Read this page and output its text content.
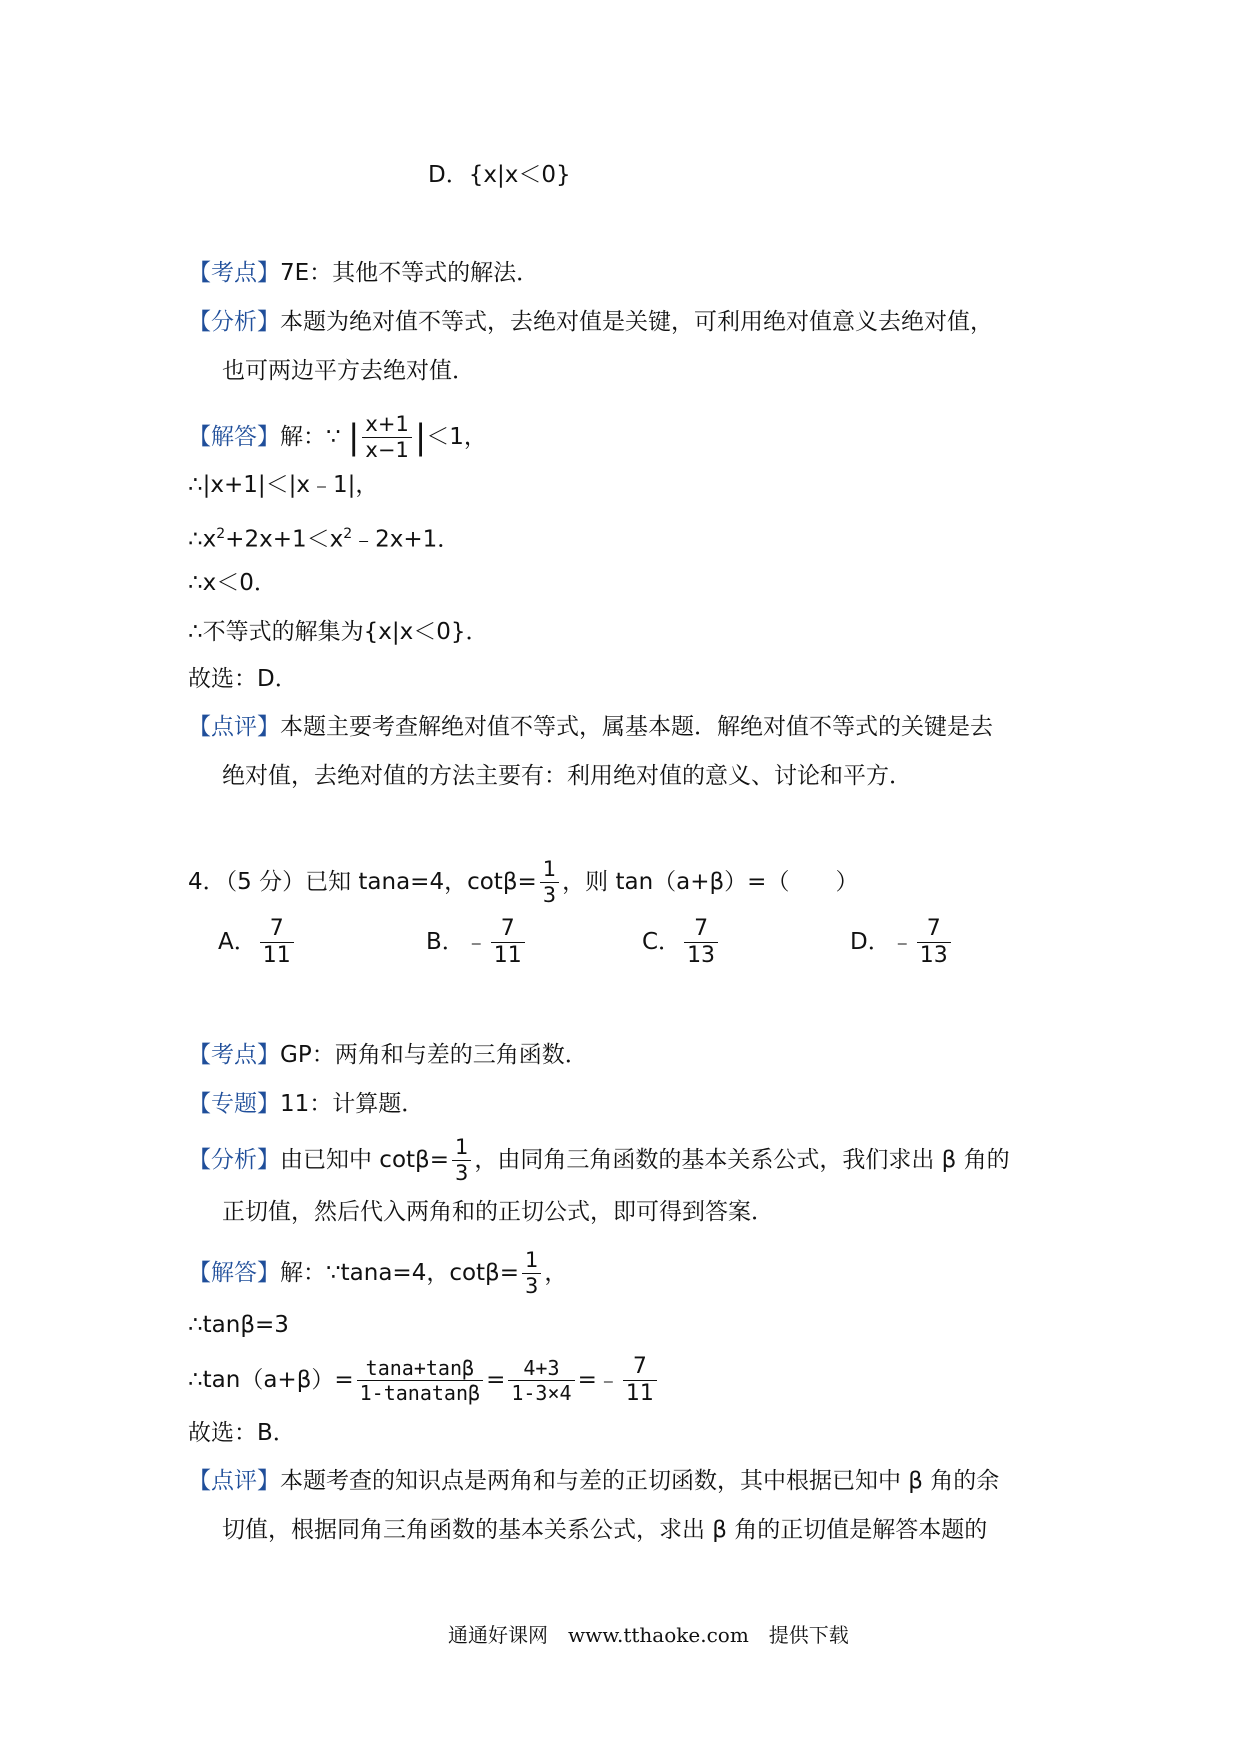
D．{x|x＜0}
【考点】7E：其他不等式的解法．
【分析】本题为绝对值不等式，去绝对值是关键，可利用绝对值意义去绝对值，
也可两边平方去绝对值．
【解答】解：∵ | $\frac{x+1}{x-1} |<1$，
∴|x+1|＜|x﹣1|，
$\therefore x^2+2x+1<x^2﹣2x+1$．
∴x＜0．
∴不等式的解集为{x|x＜0}．
故选：D．
【点评】本题主要考查解绝对值不等式，属基本题．解绝对值不等式的关键是去
绝对值，去绝对值的方法主要有：利用绝对值的意义、讨论和平方．
4．（5 分）已知 tana=4，$\cot\beta= \frac{1}{3}$ ，则 tan（a+β）=（　　）
A． $\frac{7}{11}$	B．﹣ $\frac{7}{11}$	C． $\frac{7}{13}$	D．﹣ $\frac{7}{13}$
【考点】GP：两角和与差的三角函数．
【专题】11：计算题．
【分析】由已知中 $\cot\beta= \frac{1}{3}$ ，由同角三角函数的基本关系公式，我们求出 β 角的
正切值，然后代入两角和的正切公式，即可得到答案．
【解答】解：∵tana=4，$\cot\beta= \frac{1}{3}$ ，
∴tanβ=3
∴tan（a+β）= $\frac{\tan a+\tan\beta}{\text{1-tanatanβ}} = \frac{4+3}{1-3\times 4}$ =﹣ $\frac{7}{11}$
故选：B．
【点评】本题考查的知识点是两角和与差的正切函数，其中根据已知中 β 角的余
切值，根据同角三角函数的基本关系公式，求出 β 角的正切值是解答本题的
通通好课网　www.tthaoke.com　提供下载
